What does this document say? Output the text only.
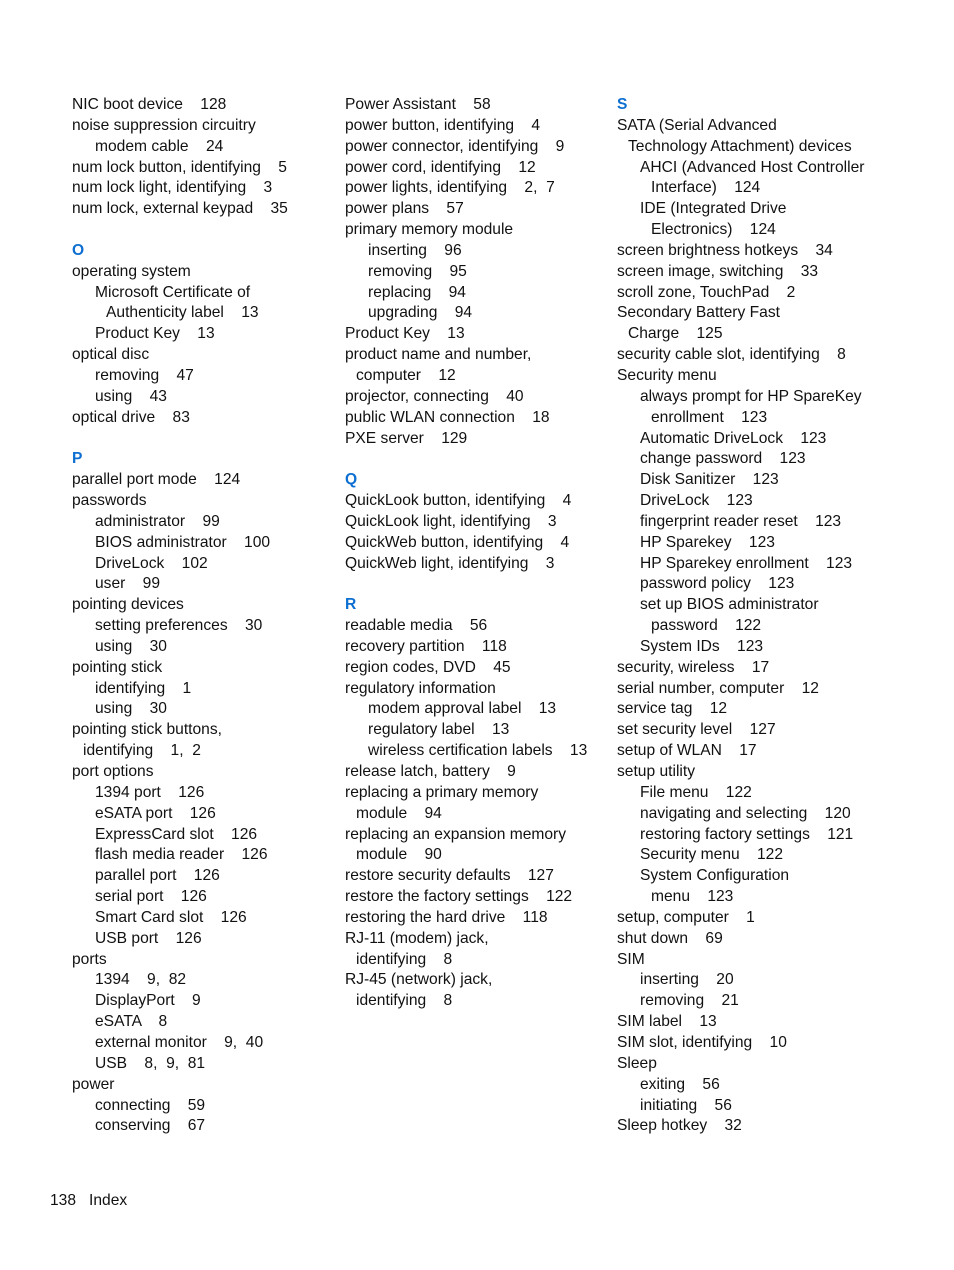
NIC boot device    128
noise suppression circuitry
modem cable    24
num lock button, identifying    5
num lock light, identifying    3
num lock, external keypad    35
O
operating system
Microsoft Certificate of
Authenticity label    13
Product Key    13
optical disc
removing    47
using    43
optical drive    83
P
parallel port mode    124
passwords
administrator    99
BIOS administrator    100
DriveLock    102
user    99
pointing devices
setting preferences    30
using    30
pointing stick
identifying    1
using    30
pointing stick buttons,
identifying    1,  2
port options
1394 port    126
eSATA port    126
ExpressCard slot    126
flash media reader    126
parallel port    126
serial port    126
Smart Card slot    126
USB port    126
ports
1394    9,  82
DisplayPort    9
eSATA    8
external monitor    9,  40
USB    8,  9,  81
power
connecting    59
conserving    67
Power Assistant    58
power button, identifying    4
power connector, identifying    9
power cord, identifying    12
power lights, identifying    2,  7
power plans    57
primary memory module
inserting    96
removing    95
replacing    94
upgrading    94
Product Key    13
product name and number,
computer    12
projector, connecting    40
public WLAN connection    18
PXE server    129
Q
QuickLook button, identifying    4
QuickLook light, identifying    3
QuickWeb button, identifying    4
QuickWeb light, identifying    3
R
readable media    56
recovery partition    118
region codes, DVD    45
regulatory information
modem approval label    13
regulatory label    13
wireless certification labels    13
release latch, battery    9
replacing a primary memory
module    94
replacing an expansion memory
module    90
restore security defaults    127
restore the factory settings    122
restoring the hard drive    118
RJ-11 (modem) jack,
identifying    8
RJ-45 (network) jack,
identifying    8
S
SATA (Serial Advanced
Technology Attachment) devices
AHCI (Advanced Host Controller
Interface)    124
IDE (Integrated Drive
Electronics)    124
screen brightness hotkeys    34
screen image, switching    33
scroll zone, TouchPad    2
Secondary Battery Fast
Charge    125
security cable slot, identifying    8
Security menu
always prompt for HP SpareKey
enrollment    123
Automatic DriveLock    123
change password    123
Disk Sanitizer    123
DriveLock    123
fingerprint reader reset    123
HP Sparekey    123
HP Sparekey enrollment    123
password policy    123
set up BIOS administrator
password    122
System IDs    123
security, wireless    17
serial number, computer    12
service tag    12
set security level    127
setup of WLAN    17
setup utility
File menu    122
navigating and selecting    120
restoring factory settings    121
Security menu    122
System Configuration
menu    123
setup, computer    1
shut down    69
SIM
inserting    20
removing    21
SIM label    13
SIM slot, identifying    10
Sleep
exiting    56
initiating    56
Sleep hotkey    32
138 Index
